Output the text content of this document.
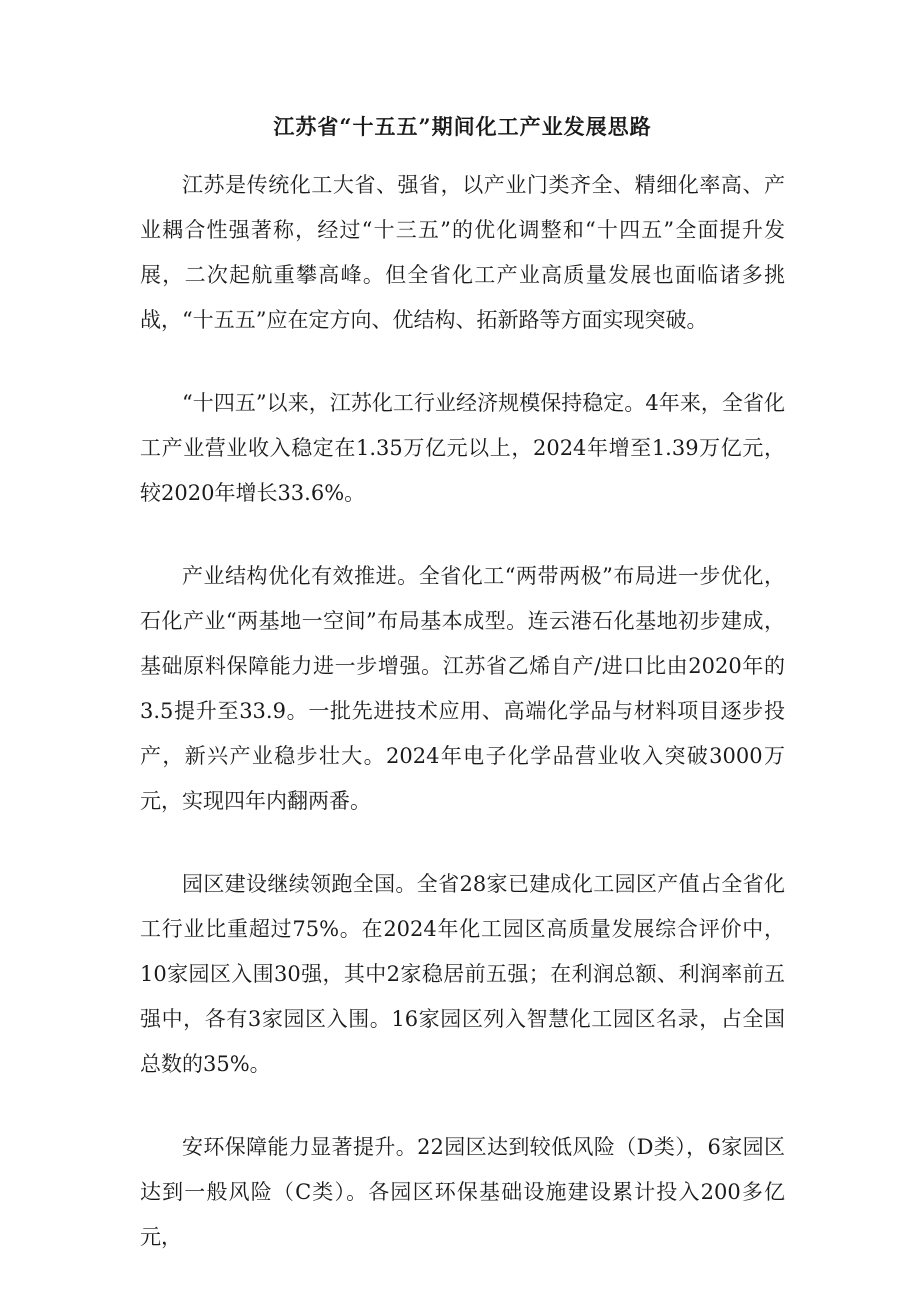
江苏省“十五五”期间化工产业发展思路

江苏是传统化工大省、强省，以产业门类齐全、精细化率高、产业耦合性强著称，经过“十三五”的优化调整和“十四五”全面提升发展，二次起航重攀高峰。但全省化工产业高质量发展也面临诸多挑战，“十五五”应在定方向、优结构、拓新路等方面实现突破。

“十四五”以来，江苏化工行业经济规模保持稳定。4年来，全省化工产业营业收入稳定在1.35万亿元以上，2024年增至1.39万亿元，较2020年增长33.6%。

产业结构优化有效推进。全省化工“两带两极”布局进一步优化，石化产业“两基地一空间”布局基本成型。连云港石化基地初步建成，基础原料保障能力进一步增强。江苏省乙烯自产/进口比由2020年的3.5提升至33.9。一批先进技术应用、高端化学品与材料项目逐步投产，新兴产业稳步壮大。2024年电子化学品营业收入突破3000万元，实现四年内翻两番。

园区建设继续领跑全国。全省28家已建成化工园区产值占全省化工行业比重超过75%。在2024年化工园区高质量发展综合评价中，10家园区入围30强，其中2家稳居前五强；在利润总额、利润率前五强中，各有3家园区入围。16家园区列入智慧化工园区名录，占全国总数的35%。

安环保障能力显著提升。22园区达到较低风险（D类），6家园区达到一般风险（C类）。各园区环保基础设施建设累计投入200多亿元，
